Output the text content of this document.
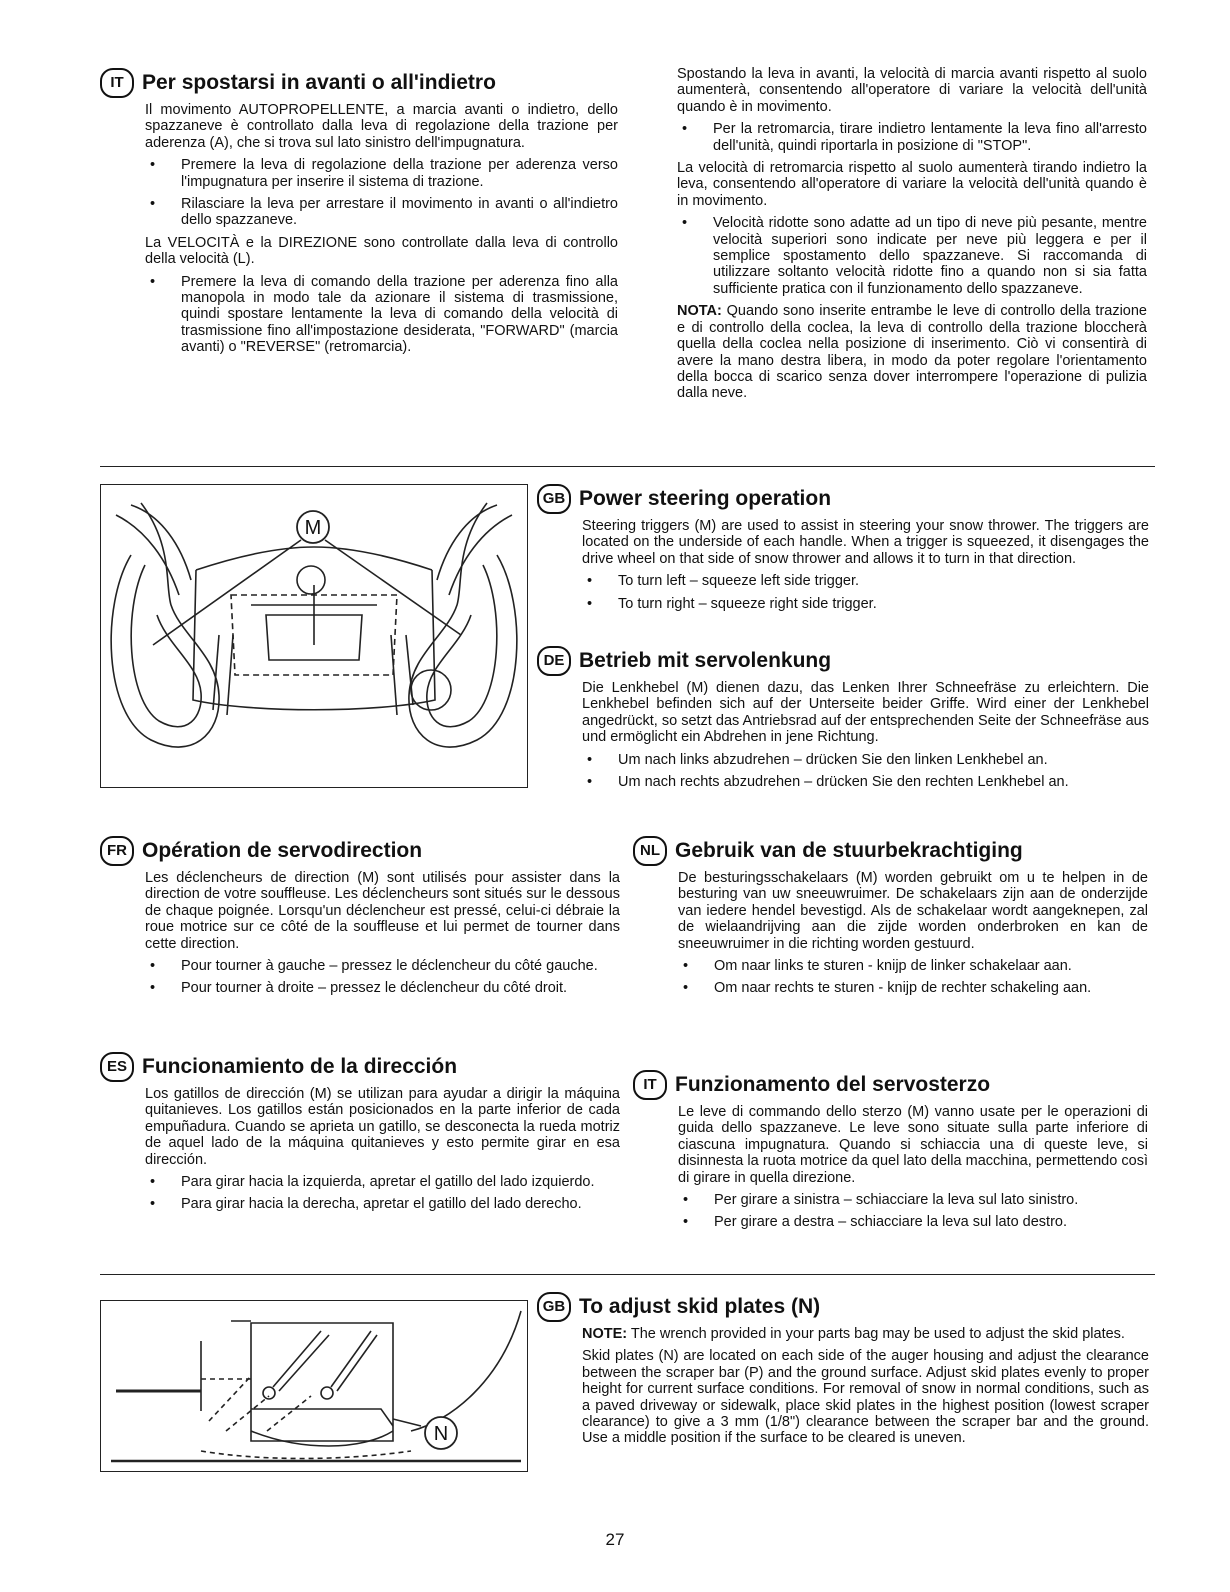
IT Per spostarsi in avanti o all'indietro

Il movimento AUTOPROPELLENTE, a marcia avanti o indietro, dello spazzaneve è controllato dalla leva di regolazione della trazione per aderenza (A), che si trova sul lato sinistro dell'impugnatura.

• Premere la leva di regolazione della trazione per aderenza verso l'impugnatura per inserire il sistema di trazione.

• Rilasciare la leva per arrestare il movimento in avanti o all'indietro dello spazzaneve.

La VELOCITÀ e la DIREZIONE sono controllate dalla leva di controllo della velocità (L).

• Premere la leva di comando della trazione per aderenza fino alla manopola in modo tale da azionare il sistema di trasmissione, quindi spostare lentamente la leva di comando della velocità di trasmissione fino all'impostazione desiderata, "FORWARD" (marcia avanti) o "REVERSE" (retromarcia).

Spostando la leva in avanti, la velocità di marcia avanti rispetto al suolo aumenterà, consentendo all'operatore di variare la velocità dell'unità quando è in movimento.

• Per la retromarcia, tirare indietro lentamente la leva fino all'arresto dell'unità, quindi riportarla in posizione di "STOP".

La velocità di retromarcia rispetto al suolo aumenterà tirando indietro la leva, consentendo all'operatore di variare la velocità dell'unità quando è in movimento.

• Velocità ridotte sono adatte ad un tipo di neve più pesante, mentre velocità superiori sono indicate per neve più leggera e per il semplice spostamento dello spazzaneve. Si raccomanda di utilizzare soltanto velocità ridotte fino a quando non si sia fatta sufficiente pratica con il funzionamento dello spazzaneve.

NOTA: Quando sono inserite entrambe le leve di controllo della trazione e di controllo della coclea, la leva di controllo della trazione bloccherà quella della coclea nella posizione di inserimento. Ciò vi consentirà di avere la mano destra libera, in modo da poter regolare l'orientamento della bocca di scarico senza dover interrompere l'operazione di pulizia dalla neve.

M
GB Power steering operation

Steering triggers (M) are used to assist in steering your snow thrower. The triggers are located on the underside of each handle. When a trigger is squeezed, it disengages the drive wheel on that side of snow thrower and allows it to turn in that direction.

• To turn left – squeeze left side trigger.

• To turn right – squeeze right side trigger.

DE Betrieb mit servolenkung

Die Lenkhebel (M) dienen dazu, das Lenken Ihrer Schneefräse zu erleichtern. Die Lenkhebel befinden sich auf der Unterseite beider Griffe. Wird einer der Lenkhebel angedrückt, so setzt das Antriebsrad auf der entsprechenden Seite der Schneefräse aus und ermöglicht ein Abdrehen in jene Richtung.

• Um nach links abzudrehen – drücken Sie den linken Lenkhebel an.

• Um nach rechts abzudrehen – drücken Sie den rechten Lenkhebel an.

FR Opération de servodirection

Les déclencheurs de direction (M) sont utilisés pour assister dans la direction de votre souffleuse. Les déclencheurs sont situés sur le dessous de chaque poignée. Lorsqu'un déclencheur est pressé, celui-ci débraie la roue motrice sur ce côté de la souffleuse et lui permet de tourner dans cette direction.

• Pour tourner à gauche – pressez le déclencheur du côté gauche.

• Pour tourner à droite – pressez le déclencheur du côté droit.

ES Funcionamiento de la dirección

Los gatillos de dirección (M) se utilizan para ayudar a dirigir la máquina quitanieves. Los gatillos están posicionados en la parte inferior de cada empuñadura. Cuando se aprieta un gatillo, se desconecta la rueda motriz de aquel lado de la máquina quitanieves y esto permite girar en esa dirección.

• Para girar hacia la izquierda, apretar el gatillo del lado izquierdo.

• Para girar hacia la derecha, apretar el gatillo del lado derecho.

NL Gebruik van de stuurbekrachtiging

De besturingsschakelaars (M) worden gebruikt om u te helpen in de besturing van uw sneeuwruimer. De schakelaars zijn aan de onderzijde van iedere hendel bevestigd. Als de schakelaar wordt aangeknepen, zal de wielaandrijving aan die zijde worden onderbroken en kan de sneeuwruimer in die richting worden gestuurd.

• Om naar links te sturen - knijp de linker schakelaar aan.

• Om naar rechts te sturen - knijp de rechter schakeling aan.

IT Funzionamento del servosterzo

Le leve di commando dello sterzo (M) vanno usate per le operazioni di guida dello spazzaneve. Le leve sono situate sulla parte inferiore di ciascuna impugnatura. Quando si schiaccia una di queste leve, si disinnesta la ruota motrice da quel lato della macchina, permettendo così di girare in quella direzione.

• Per girare a sinistra – schiacciare la leva sul lato sinistro.

• Per girare a destra – schiacciare la leva sul lato destro.

N
GB To adjust skid plates (N)

NOTE: The wrench provided in your parts bag may be used to adjust the skid plates.

Skid plates (N) are located on each side of the auger housing and adjust the clearance between the scraper bar (P) and the ground surface. Adjust skid plates evenly to proper height for current surface conditions. For removal of snow in normal conditions, such as a paved driveway or sidewalk, place skid plates in the highest position (lowest scraper clearance) to give a 3 mm (1/8") clearance between the scraper bar and the ground. Use a middle position if the surface to be cleared is uneven.

27
